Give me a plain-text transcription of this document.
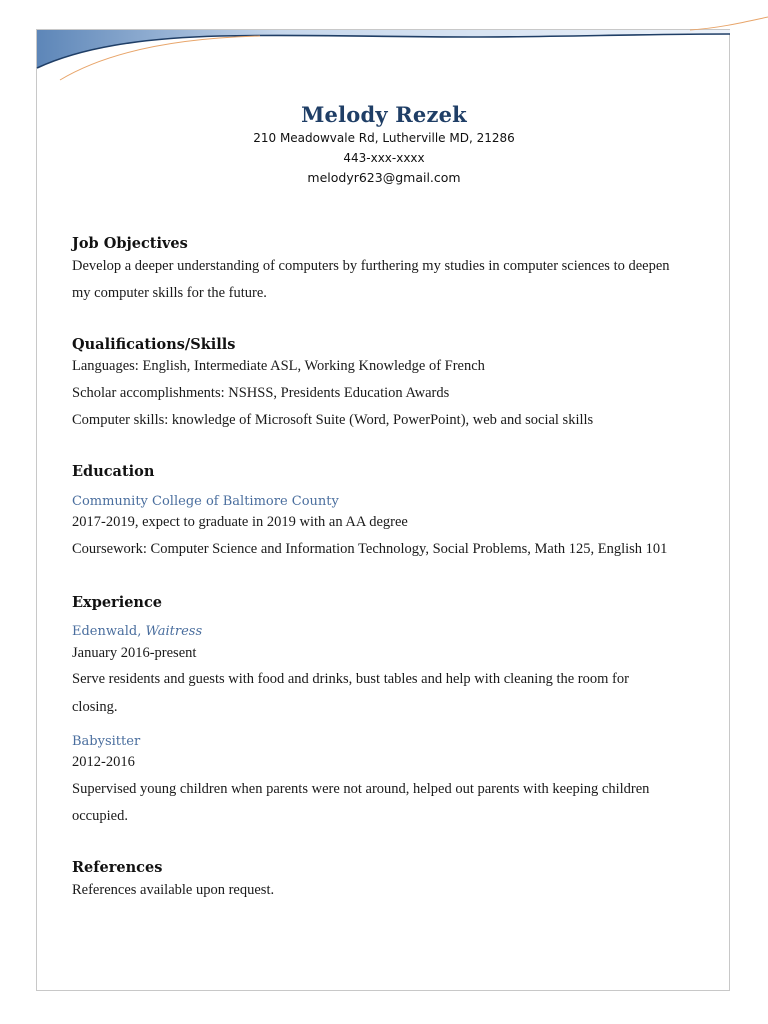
Melody Rezek
210 Meadowvale Rd, Lutherville MD, 21286
443-xxx-xxxx
melodyr623@gmail.com
Job Objectives
Develop a deeper understanding of computers by furthering my studies in computer sciences to deepen
my computer skills for the future.
Qualifications/Skills
Languages: English, Intermediate ASL, Working Knowledge of French
Scholar accomplishments: NSHSS, Presidents Education Awards
Computer skills: knowledge of Microsoft Suite (Word, PowerPoint), web and social skills
Education
Community College of Baltimore County
2017-2019, expect to graduate in 2019 with an AA degree
Coursework: Computer Science and Information Technology, Social Problems, Math 125, English 101
Experience
Edenwald, Waitress
January 2016-present
Serve residents and guests with food and drinks, bust tables and help with cleaning the room for
closing.
Babysitter
2012-2016
Supervised young children when parents were not around, helped out parents with keeping children
occupied.
References
References available upon request.
